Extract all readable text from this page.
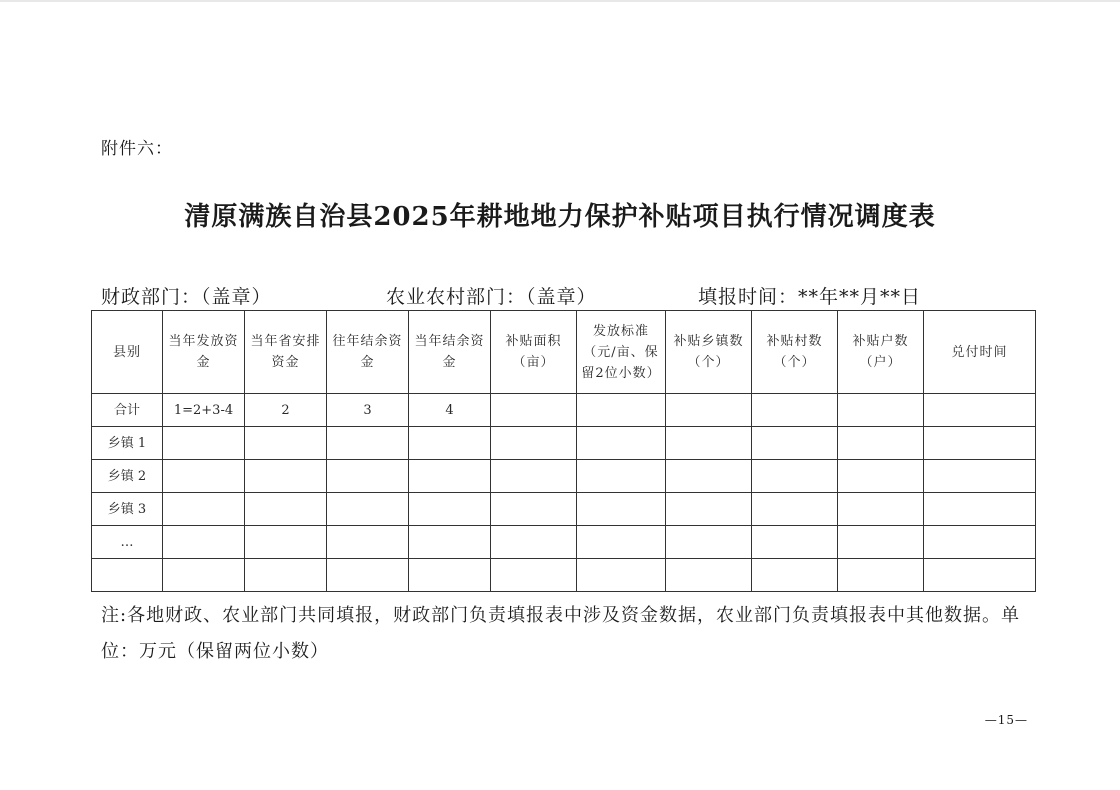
附件六：
清原满族自治县2025年耕地地力保护补贴项目执行情况调度表
财政部门：（盖章）	农业农村部门：（盖章）	填报时间：**年**月**日
县别	当年发放资金	当年省安排资金	往年结余资金	当年结余资金	补贴面积（亩）	发放标准（元/亩、保留2位小数）	补贴乡镇数（个）	补贴村数（个）	补贴户数（户）	兑付时间
合计	1=2+3-4	2	3	4						
乡镇 1										
乡镇 2										
乡镇 3										
…										

注:各地财政、农业部门共同填报，财政部门负责填报表中涉及资金数据，农业部门负责填报表中其他数据。单位：万元（保留两位小数）
—15—
